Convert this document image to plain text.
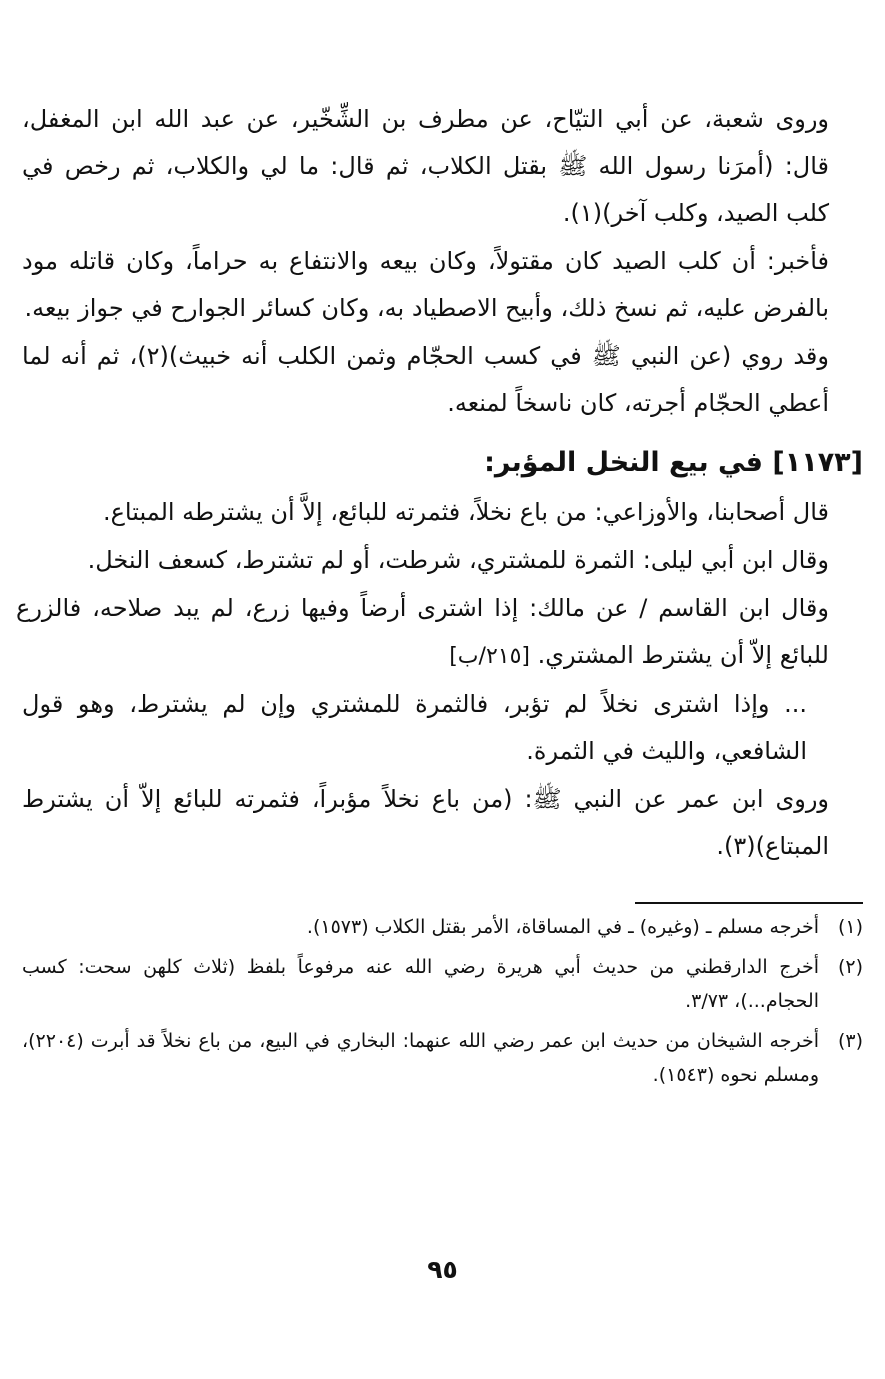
وروى شعبة، عن أبي التيّاح، عن مطرف بن الشِّخّير، عن عبد الله ابن المغفل، قال: (أمرَنا رسول الله ﷺ بقتل الكلاب، ثم قال: ما لي والكلاب، ثم رخص في كلب الصيد، وكلب آخر)(١).

فأخبر: أن كلب الصيد كان مقتولاً، وكان بيعه والانتفاع به حراماً، وكان قاتله مود بالفرض عليه، ثم نسخ ذلك، وأبيح الاصطياد به، وكان كسائر الجوارح في جواز بيعه.

وقد روي (عن النبي ﷺ في كسب الحجّام وثمن الكلب أنه خبيث)(٢)، ثم أنه لما أعطي الحجّام أجرته، كان ناسخاً لمنعه.

[١١٧٣] في بيع النخل المؤبر:

قال أصحابنا، والأوزاعي: من باع نخلاً، فثمرته للبائع، إلاَّ أن يشترطه المبتاع.

وقال ابن أبي ليلى: الثمرة للمشتري، شرطت، أو لم تشترط، كسعف النخل.

وقال ابن القاسم / عن مالك: إذا اشترى أرضاً وفيها زرع، لم يبد صلاحه، فالزرع للبائع إلاّ أن يشترط المشتري. [٢١٥/ب]

... وإذا اشترى نخلاً لم تؤبر، فالثمرة للمشتري وإن لم يشترط، وهو قول الشافعي، والليث في الثمرة.

وروى ابن عمر عن النبي ﷺ: (من باع نخلاً مؤبراً، فثمرته للبائع إلاّ أن يشترط المبتاع)(٣).

(١)
أخرجه مسلم ـ (وغيره) ـ في المساقاة، الأمر بقتل الكلاب (١٥٧٣).
(٢)
أخرج الدارقطني من حديث أبي هريرة رضي الله عنه مرفوعاً بلفظ (ثلاث كلهن سحت: كسب الحجام...)، ٣/٧٣.
(٣)
أخرجه الشيخان من حديث ابن عمر رضي الله عنهما: البخاري في البيع، من باع نخلاً قد أبرت (٢٢٠٤)، ومسلم نحوه (١٥٤٣).
٩٥
